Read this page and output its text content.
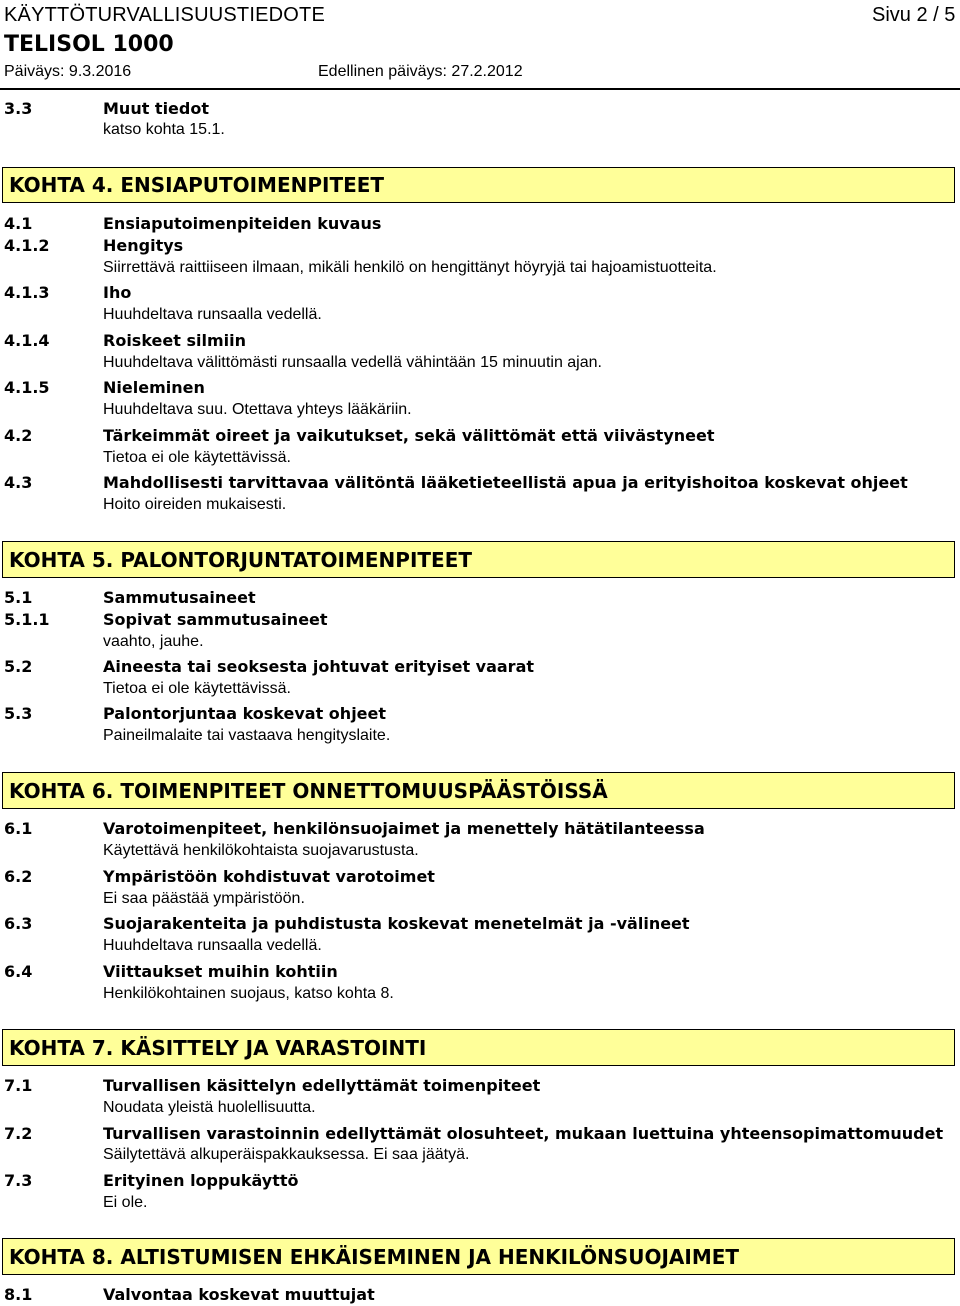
KÄYTTÖTURVALLISUUSTIEDOTE	Sivu 2 / 5
TELISOL 1000
Päiväys: 9.3.2016	Edellinen päiväys: 27.2.2012
3.3	Muut tiedot
katso kohta 15.1.
KOHTA 4. ENSIAPUTOIMENPITEET
4.1	Ensiaputoimenpiteiden kuvaus
4.1.2	Hengitys
Siirrettävä raittiiseen ilmaan, mikäli henkilö on hengittänyt höyryjä tai hajoamistuotteita.
4.1.3	Iho
Huuhdeltava runsaalla vedellä.
4.1.4	Roiskeet silmiin
Huuhdeltava välittömästi runsaalla vedellä vähintään 15 minuutin ajan.
4.1.5	Nieleminen
Huuhdeltava suu. Otettava yhteys lääkäriin.
4.2	Tärkeimmät oireet ja vaikutukset, sekä välittömät että viivästyneet
Tietoa ei ole käytettävissä.
4.3	Mahdollisesti tarvittavaa välitöntä lääketieteellistä apua ja erityishoitoa koskevat ohjeet
Hoito oireiden mukaisesti.
KOHTA 5. PALONTORJUNTATOIMENPITEET
5.1	Sammutusaineet
5.1.1	Sopivat sammutusaineet
vaahto, jauhe.
5.2	Aineesta tai seoksesta johtuvat erityiset vaarat
Tietoa ei ole käytettävissä.
5.3	Palontorjuntaa koskevat ohjeet
Paineilmalaite tai vastaava hengityslaite.
KOHTA 6. TOIMENPITEET ONNETTOMUUSPÄÄSTÖISSÄ
6.1	Varotoimenpiteet, henkilönsuojaimet ja menettely hätätilanteessa
Käytettävä henkilökohtaista suojavarustusta.
6.2	Ympäristöön kohdistuvat varotoimet
Ei saa päästää ympäristöön.
6.3	Suojarakenteita ja puhdistusta koskevat menetelmät ja -välineet
Huuhdeltava runsaalla vedellä.
6.4	Viittaukset muihin kohtiin
Henkilökohtainen suojaus, katso kohta 8.
KOHTA 7. KÄSITTELY JA VARASTOINTI
7.1	Turvallisen käsittelyn edellyttämät toimenpiteet
Noudata yleistä huolellisuutta.
7.2	Turvallisen varastoinnin edellyttämät olosuhteet, mukaan luettuina yhteensopimattomuudet
Säilytettävä alkuperäispakkauksessa. Ei saa jäätyä.
7.3	Erityinen loppukäyttö
Ei ole.
KOHTA 8. ALTISTUMISEN EHKÄISEMINEN JA HENKILÖNSUOJAIMET
8.1	Valvontaa koskevat muuttujat
